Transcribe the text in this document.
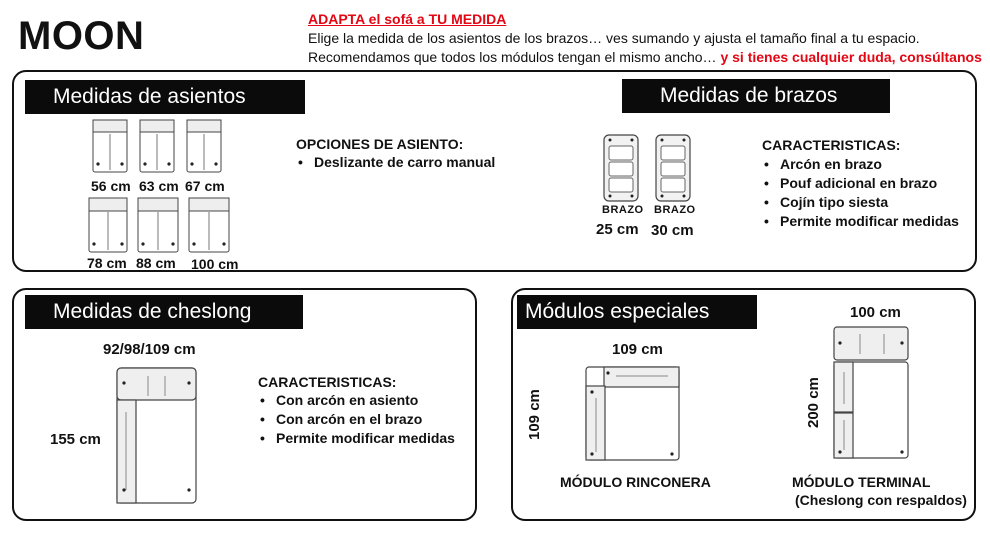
MOON	ADAPTA el sofá a TU MEDIDA
Elige la medida de los asientos de los brazos… ves sumando y ajusta el tamaño final a tu espacio.
Recomendamos que todos los módulos tengan el mismo ancho… y si tienes cualquier duda, consúltanos
Medidas de asientos	Medidas de brazos
56 cm 63 cm 67 cm
78 cm 88 cm 100 cm
OPCIONES DE ASIENTO:
• Deslizante de carro manual
BRAZO BRAZO
25 cm 30 cm
CARACTERISTICAS:
• Arcón en brazo
• Pouf adicional en brazo
• Cojín tipo siesta
• Permite modificar medidas
Medidas de cheslong
92/98/109 cm
155 cm
CARACTERISTICAS:
• Con arcón en asiento
• Con arcón en el brazo
• Permite modificar medidas
Módulos especiales
109 cm
109 cm
MÓDULO RINCONERA
100 cm
200 cm
MÓDULO TERMINAL
(Cheslong con respaldos)
